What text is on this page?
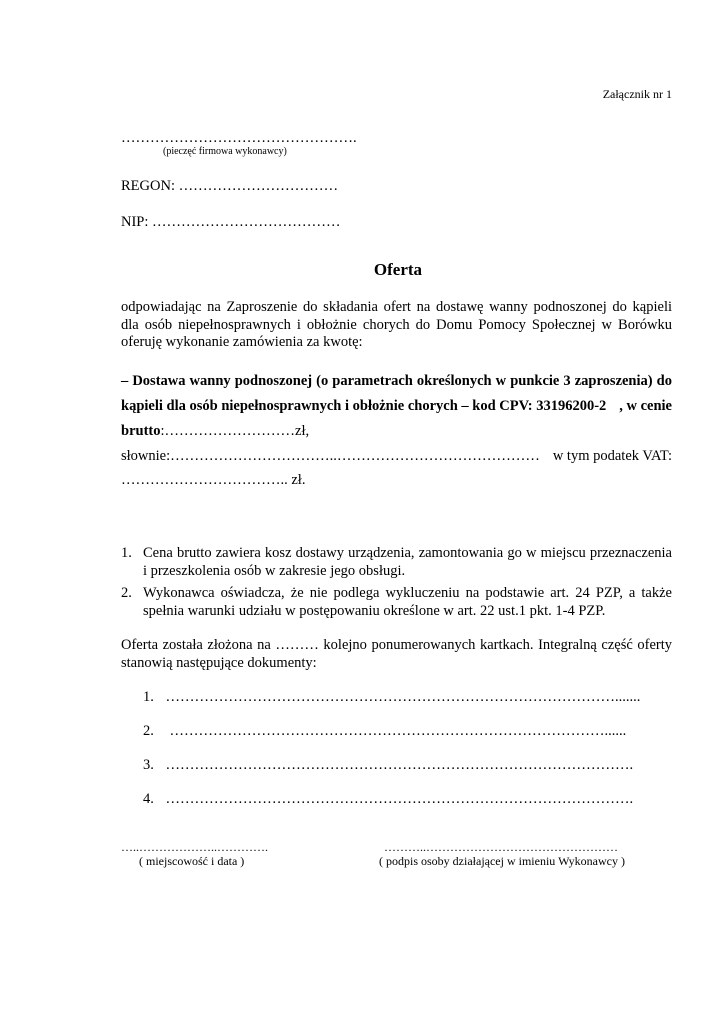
Załącznik nr 1
………………………………………….
(pieczęć firmowa wykonawcy)
REGON: ……………………………
NIP: …………………………………
Oferta
odpowiadając na Zaproszenie do składania ofert na dostawę wanny podnoszonej do kąpieli
dla osób niepełnosprawnych i obłożnie chorych do Domu Pomocy Społecznej w Borówku
oferuję wykonanie zamówienia za kwotę:
– Dostawa wanny podnoszonej (o parametrach określonych w punkcie 3 zaproszenia) do
kąpieli dla osób niepełnosprawnych i obłożnie chorych – kod CPV: 33196200-2 , w cenie
brutto:………………………zł,
słownie:……………………………..…………………………………… w tym podatek VAT:
…………………………….. zł.
1. Cena brutto zawiera kosz dostawy urządzenia, zamontowania go w miejscu przeznaczenia
i przeszkolenia osób w zakresie jego obsługi.
2. Wykonawca oświadcza, że nie podlega wykluczeniu na podstawie art. 24 PZP, a także
spełnia warunki udziału w postępowaniu określone w art. 22 ust.1 pkt. 1-4 PZP.
Oferta została złożona na ……… kolejno ponumerowanych kartkach. Integralną część oferty
stanowią następujące dokumenty:
1. ………………………………………………………………………………….......
2. ………………………………………………………………………………......
3. …………………………………………………………………………………….
4. …………………………………………………………………………………….
…..………………..………….
( miejscowość i data )
………..…………………………………………
( podpis osoby działającej w imieniu Wykonawcy )
